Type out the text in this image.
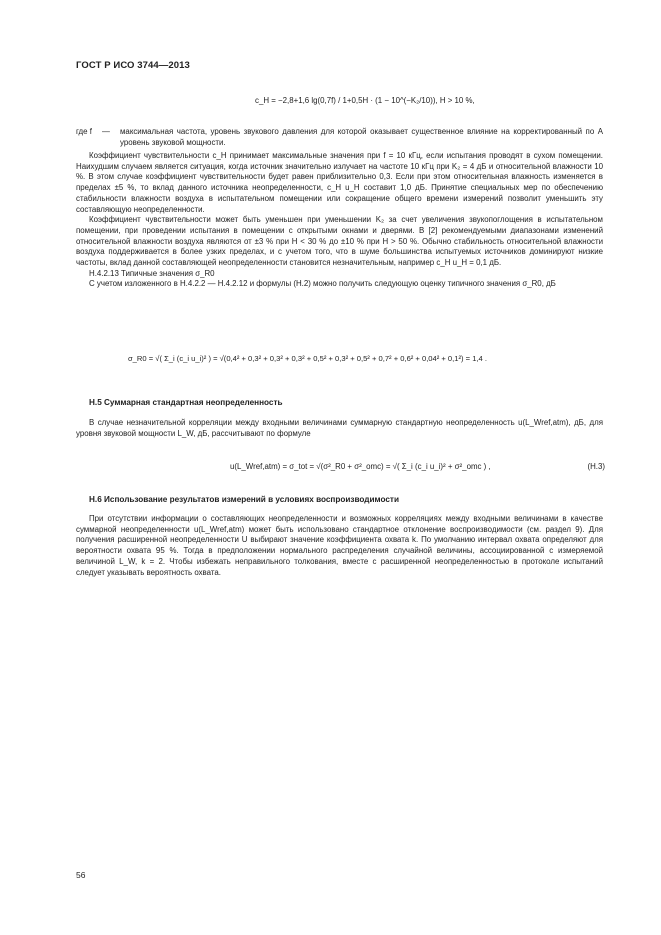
ГОСТ Р ИСО 3744—2013
c_H = −2,8+1,6 lg(0,7f) / 1+0,5H · (1 − 10^(−K₂/10)), H > 10 %,
где f — максимальная частота, уровень звукового давления для которой оказывает существенное влияние на корректированный по A уровень звуковой мощности.

Коэффициент чувствительности c_H принимает максимальные значения при f = 10 кГц, если испытания проводят в сухом помещении. Наихудшим случаем является ситуация, когда источник значительно излучает на частоте 10 кГц при K₂ = 4 дБ и относительной влажности 10 %. В этом случае коэффициент чувствительности будет равен приблизительно 0,3. Если при этом относительная влажность изменяется в пределах ±5 %, то вклад данного источника неопределенности, c_H u_H составит 1,0 дБ. Принятие специальных мер по обеспечению стабильности влажности воздуха в испытательном помещении или сокращение общего времени измерений позволит уменьшить эту составляющую неопределенности.

Коэффициент чувствительности может быть уменьшен при уменьшении K₂ за счет увеличения звукопоглощения в испытательном помещении, при проведении испытания в помещении с открытыми окнами и дверями. В [2] рекомендуемыми диапазонами изменений относительной влажности воздуха являются от ±3 % при H < 30 % до ±10 % при H > 50 %. Обычно стабильность относительной влажности воздуха поддерживается в более узких пределах, и с учетом того, что в шуме большинства испытуемых источников доминируют низкие частоты, вклад данной составляющей неопределенности становится незначительным, например c_H u_H = 0,1 дБ.

Н.4.2.13 Типичные значения σ_R0

С учетом изложенного в Н.4.2.2 — Н.4.2.12 и формулы (Н.2) можно получить следующую оценку типичного значения σ_R0, дБ

σ_R0 = √( Σ_i (c_i u_i)² ) = √(0,4² + 0,3² + 0,3² + 0,3² + 0,5² + 0,3² + 0,5² + 0,7² + 0,6² + 0,04² + 0,1²) = 1,4 .
Н.5 Суммарная стандартная неопределенность

В случае незначительной корреляции между входными величинами суммарную стандартную неопределенность u(L_Wref,atm), дБ, для уровня звуковой мощности L_W, дБ, рассчитывают по формуле

u(L_Wref,atm) = σ_tot = √(σ²_R0 + σ²_omc) = √( Σ_i (c_i u_i)² + σ²_omc ) ,	(Н.3)
Н.6 Использование результатов измерений в условиях воспроизводимости

При отсутствии информации о составляющих неопределенности и возможных корреляциях между входными величинами в качестве суммарной неопределенности u(L_Wref,atm) может быть использовано стандартное отклонение воспроизводимости (см. раздел 9). Для получения расширенной неопределенности U выбирают значение коэффициента охвата k. По умолчанию интервал охвата определяют для вероятности охвата 95 %. Тогда в предположении нормального распределения случайной величины, ассоциированной с измеряемой величиной L_W, k = 2. Чтобы избежать неправильного толкования, вместе с расширенной неопределенностью в протоколе испытаний следует указывать вероятность охвата.

56
